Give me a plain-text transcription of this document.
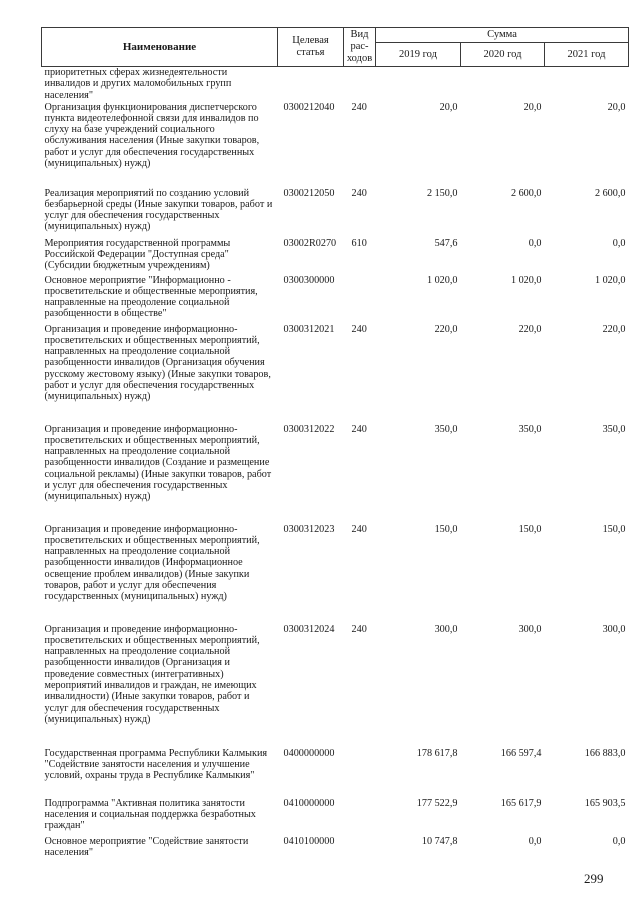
Наименование	Целевая статья	Вид рас-ходов	Сумма		
			2019 год	2020 год	2021 год
приоритетных сферах жизнедеятельности инвалидов и других маломобильных групп населения"					
Организация функционирования диспетчерского пункта видеотелефонной связи для инвалидов по слуху на базе учреждений социального обслуживания населения (Иные закупки товаров, работ и услуг для обеспечения государственных (муниципальных) нужд)	0300212040	240	20,0	20,0	20,0
Реализация мероприятий по созданию условий безбарьерной среды (Иные закупки товаров, работ и услуг для обеспечения государственных (муниципальных) нужд)	0300212050	240	2 150,0	2 600,0	2 600,0
Мероприятия государственной программы Российской Федерации "Доступная среда" (Субсидии бюджетным учреждениям)	03002R0270	610	547,6	0,0	0,0
Основное мероприятие "Информационно - просветительские и общественные мероприятия, направленные на преодоление социальной разобщенности в обществе"	0300300000		1 020,0	1 020,0	1 020,0
Организация и проведение информационно-просветительских и общественных мероприятий, направленных на преодоление социальной разобщенности инвалидов (Организация обучения русскому жестовому языку) (Иные закупки товаров, работ и услуг для обеспечения государственных (муниципальных) нужд)	0300312021	240	220,0	220,0	220,0
Организация и проведение информационно-просветительских и общественных мероприятий, направленных на преодоление социальной разобщенности инвалидов (Создание и размещение социальной рекламы) (Иные закупки товаров, работ и услуг для обеспечения государственных (муниципальных) нужд)	0300312022	240	350,0	350,0	350,0
Организация и проведение информационно-просветительских и общественных мероприятий, направленных на преодоление социальной разобщенности инвалидов (Информационное освещение проблем инвалидов) (Иные закупки товаров, работ и услуг для обеспечения государственных (муниципальных) нужд)	0300312023	240	150,0	150,0	150,0
Организация и проведение информационно-просветительских и общественных мероприятий, направленных на преодоление социальной разобщенности инвалидов (Организация и проведение совместных (интегративных) мероприятий инвалидов и граждан, не имеющих инвалидности) (Иные закупки товаров, работ и услуг для обеспечения государственных (муниципальных) нужд)	0300312024	240	300,0	300,0	300,0
Государственная программа Республики Калмыкия "Содействие занятости населения и улучшение условий, охраны труда в Республике Калмыкия"	0400000000		178 617,8	166 597,4	166 883,0
Подпрограмма "Активная политика занятости населения и социальная поддержка безработных граждан"	0410000000		177 522,9	165 617,9	165 903,5
Основное мероприятие "Содействие занятости населения"	0410100000		10 747,8	0,0	0,0
299
